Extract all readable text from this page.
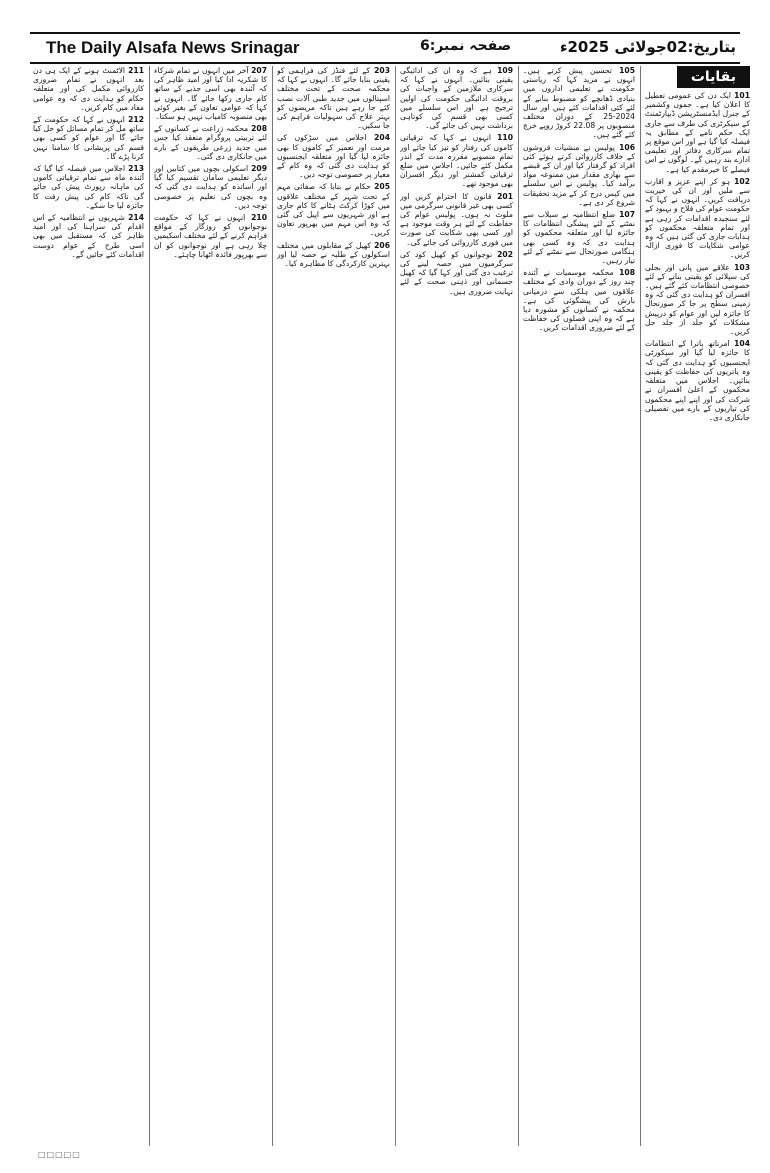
The Daily Alsafa News Srinagar	صفحہ نمبر:6	بتاریخ:02جولائی 2025ء
بقایات

101 ایک دن کی عمومی تعطیل کا اعلان کیا ہے۔ جموں وکشمیر کے جنرل ایڈمنسٹریشن ڈیپارٹمنٹ کے سیکرٹری کی طرف سے جاری ایک حکم نامے کے مطابق یہ فیصلہ کیا گیا ہے اور اس موقع پر تمام سرکاری دفاتر اور تعلیمی ادارے بند رہیں گے۔ لوگوں نے اس فیصلے کا خیرمقدم کیا ہے۔

102 ہو کر اپنے عزیز و اقارب سے ملیں اور ان کی خیریت دریافت کریں۔ انہوں نے کہا کہ حکومت عوام کی فلاح و بہبود کے لئے سنجیدہ اقدامات کر رہی ہے اور تمام متعلقہ محکموں کو ہدایات جاری کی گئی ہیں کہ وہ عوامی شکایات کا فوری ازالہ کریں۔

103 علاقے میں پانی اور بجلی کی سپلائی کو یقینی بنانے کے لئے خصوصی انتظامات کئے گئے ہیں۔ افسران کو ہدایت دی گئی کہ وہ زمینی سطح پر جا کر صورتحال کا جائزہ لیں اور عوام کو درپیش مشکلات کو جلد از جلد حل کریں۔

104 امرناتھ یاترا کے انتظامات کا جائزہ لیا گیا اور سیکورٹی ایجنسیوں کو ہدایت دی گئی کہ وہ یاتریوں کی حفاظت کو یقینی بنائیں۔ اجلاس میں متعلقہ محکموں کے اعلیٰ افسران نے شرکت کی اور اپنے اپنے محکموں کی تیاریوں کے بارے میں تفصیلی جانکاری دی۔

105 تحسین پیش کرتے ہیں۔ انہوں نے مزید کہا کہ ریاستی حکومت نے تعلیمی اداروں میں بنیادی ڈھانچے کو مضبوط بنانے کے لئے کئی اقدامات کئے ہیں اور سال 2024-25 کے دوران مختلف منصوبوں پر 22.08 کروڑ روپے خرچ کئے گئے ہیں۔

106 پولیس نے منشیات فروشوں کے خلاف کارروائی کرتے ہوئے کئی افراد کو گرفتار کیا اور ان کے قبضے سے بھاری مقدار میں ممنوعہ مواد برآمد کیا۔ پولیس نے اس سلسلے میں کیس درج کر کے مزید تحقیقات شروع کر دی ہے۔

107 ضلع انتظامیہ نے سیلاب سے نمٹنے کے لئے پیشگی انتظامات کا جائزہ لیا اور متعلقہ محکموں کو ہدایت دی کہ وہ کسی بھی ہنگامی صورتحال سے نمٹنے کے لئے تیار رہیں۔

108 محکمہ موسمیات نے آئندہ چند روز کے دوران وادی کے مختلف علاقوں میں ہلکی سے درمیانی بارش کی پیشگوئی کی ہے۔ محکمہ نے کسانوں کو مشورہ دیا ہے کہ وہ اپنی فصلوں کی حفاظت کے لئے ضروری اقدامات کریں۔

109 ہے کہ وہ ان کی ادائیگی یقینی بنائیں۔ انہوں نے کہا کہ سرکاری ملازمین کے واجبات کی بروقت ادائیگی حکومت کی اولین ترجیح ہے اور اس سلسلے میں کسی بھی قسم کی کوتاہی برداشت نہیں کی جائے گی۔

110 انہوں نے کہا کہ ترقیاتی کاموں کی رفتار کو تیز کیا جائے اور تمام منصوبے مقررہ مدت کے اندر مکمل کئے جائیں۔ اجلاس میں ضلع ترقیاتی کمشنر اور دیگر افسران بھی موجود تھے۔

201 قانون کا احترام کریں اور کسی بھی غیر قانونی سرگرمی میں ملوث نہ ہوں۔ پولیس عوام کی حفاظت کے لئے ہر وقت موجود ہے اور کسی بھی شکایت کی صورت میں فوری کارروائی کی جائے گی۔

202 نوجوانوں کو کھیل کود کی سرگرمیوں میں حصہ لینے کی ترغیب دی گئی اور کہا گیا کہ کھیل جسمانی اور ذہنی صحت کے لئے نہایت ضروری ہیں۔

203 کے لئے فنڈز کی فراہمی کو یقینی بنایا جائے گا۔ انہوں نے کہا کہ محکمہ صحت کے تحت مختلف اسپتالوں میں جدید طبی آلات نصب کئے جا رہے ہیں تاکہ مریضوں کو بہتر علاج کی سہولیات فراہم کی جا سکیں۔

204 اجلاس میں سڑکوں کی مرمت اور تعمیر کے کاموں کا بھی جائزہ لیا گیا اور متعلقہ ایجنسیوں کو ہدایت دی گئی کہ وہ کام کے معیار پر خصوصی توجہ دیں۔

205 حکام نے بتایا کہ صفائی مہم کے تحت شہر کے مختلف علاقوں میں کوڑا کرکٹ ہٹانے کا کام جاری ہے اور شہریوں سے اپیل کی گئی کہ وہ اس مہم میں بھرپور تعاون کریں۔

206 کھیل کے مقابلوں میں مختلف اسکولوں کے طلبہ نے حصہ لیا اور بہترین کارکردگی کا مظاہرہ کیا۔

207 آخر میں انہوں نے تمام شرکاء کا شکریہ ادا کیا اور امید ظاہر کی کہ آئندہ بھی اسی جذبے کے ساتھ کام جاری رکھا جائے گا۔ انہوں نے کہا کہ عوامی تعاون کے بغیر کوئی بھی منصوبہ کامیاب نہیں ہو سکتا۔

208 محکمہ زراعت نے کسانوں کے لئے تربیتی پروگرام منعقد کیا جس میں جدید زرعی طریقوں کے بارے میں جانکاری دی گئی۔

209 اسکولی بچوں میں کتابیں اور دیگر تعلیمی سامان تقسیم کیا گیا اور اساتذہ کو ہدایت دی گئی کہ وہ بچوں کی تعلیم پر خصوصی توجہ دیں۔

210 انہوں نے کہا کہ حکومت نوجوانوں کو روزگار کے مواقع فراہم کرنے کے لئے مختلف اسکیمیں چلا رہی ہے اور نوجوانوں کو ان سے بھرپور فائدہ اٹھانا چاہئے۔

211 الاٹمنٹ ہونے کے ایک ہی دن بعد انہوں نے تمام ضروری کارروائی مکمل کی اور متعلقہ حکام کو ہدایت دی کہ وہ عوامی مفاد میں کام کریں۔

212 انہوں نے کہا کہ حکومت کے ساتھ مل کر تمام مسائل کو حل کیا جائے گا اور عوام کو کسی بھی قسم کی پریشانی کا سامنا نہیں کرنا پڑے گا۔

213 اجلاس میں فیصلہ کیا گیا کہ آئندہ ماہ سے تمام ترقیاتی کاموں کی ماہانہ رپورٹ پیش کی جائے گی تاکہ کام کی پیش رفت کا جائزہ لیا جا سکے۔

214 شہریوں نے انتظامیہ کے اس اقدام کی سراہنا کی اور امید ظاہر کی کہ مستقبل میں بھی اسی طرح کے عوام دوست اقدامات کئے جائیں گے۔

□□□□□
